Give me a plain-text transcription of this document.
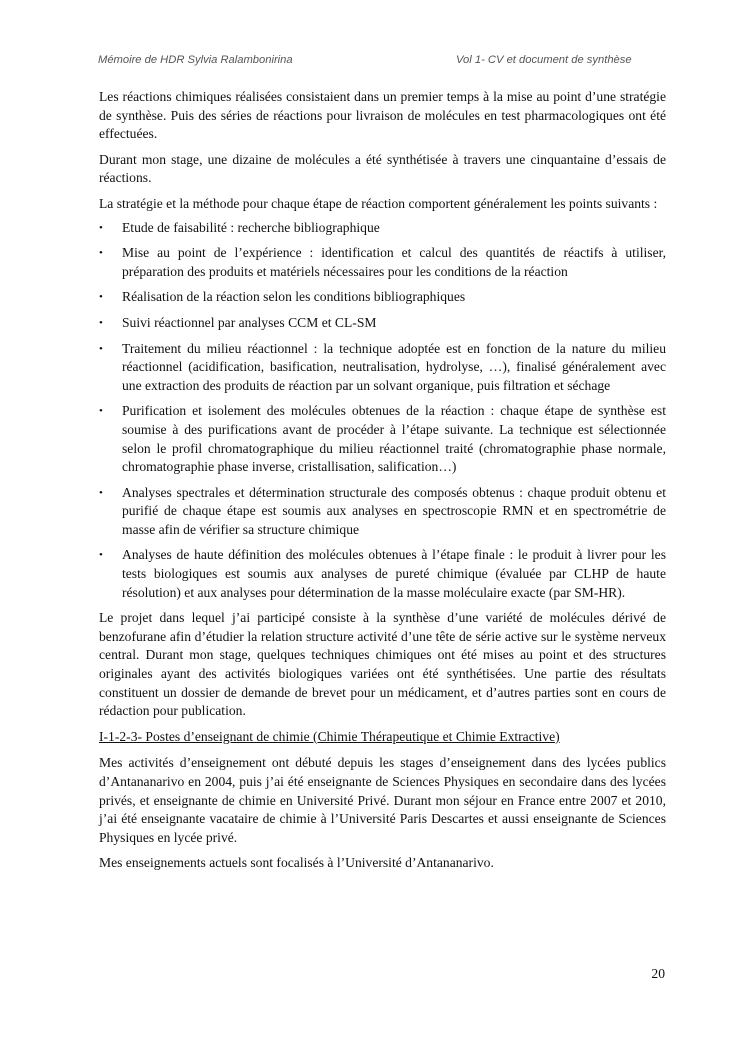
Mémoire de HDR Sylvia Ralambonirina	Vol 1- CV et document de synthèse

Les réactions chimiques réalisées consistaient dans un premier temps à la mise au point d’une stratégie de synthèse. Puis des séries de réactions pour livraison de molécules en test pharmacologiques ont été effectuées.

Durant mon stage, une dizaine de molécules a été synthétisée à travers une cinquantaine d’essais de réactions.

La stratégie et la méthode pour chaque étape de réaction comportent généralement les points suivants :

• Etude de faisabilité : recherche bibliographique
• Mise au point de l’expérience : identification et calcul des quantités de réactifs à utiliser, préparation des produits et matériels nécessaires pour les conditions de la réaction
• Réalisation de la réaction selon les conditions bibliographiques
• Suivi réactionnel par analyses CCM et CL-SM
• Traitement du milieu réactionnel : la technique adoptée est en fonction de la nature du milieu réactionnel (acidification, basification, neutralisation, hydrolyse, …), finalisé généralement avec une extraction des produits de réaction par un solvant organique, puis filtration et séchage
• Purification et isolement des molécules obtenues de la réaction : chaque étape de synthèse est soumise à des purifications avant de procéder à l’étape suivante. La technique est sélectionnée selon le profil chromatographique du milieu réactionnel traité (chromatographie phase normale, chromatographie phase inverse, cristallisation, salification…)
• Analyses spectrales et détermination structurale des composés obtenus : chaque produit obtenu et purifié de chaque étape est soumis aux analyses en spectroscopie RMN et en spectrométrie de masse afin de vérifier sa structure chimique
• Analyses de haute définition des molécules obtenues à l’étape finale : le produit à livrer pour les tests biologiques est soumis aux analyses de pureté chimique (évaluée par CLHP de haute résolution) et aux analyses pour détermination de la masse moléculaire exacte (par SM-HR).

Le projet dans lequel j’ai participé consiste à la synthèse d’une variété de molécules dérivé de benzofurane afin d’étudier la relation structure activité d’une tête de série active sur le système nerveux central. Durant mon stage, quelques techniques chimiques ont été mises au point et des structures originales ayant des activités biologiques variées ont été synthétisées. Une partie des résultats constituent un dossier de demande de brevet pour un médicament, et d’autres parties sont en cours de rédaction pour publication.

I-1-2-3- Postes d’enseignant de chimie (Chimie Thérapeutique et Chimie Extractive)

Mes activités d’enseignement ont débuté depuis les stages d’enseignement dans des lycées publics d’Antananarivo en 2004, puis j’ai été enseignante de Sciences Physiques en secondaire dans des lycées privés, et enseignante de chimie en Université Privé. Durant mon séjour en France entre 2007 et 2010, j’ai été enseignante vacataire de chimie à l’Université Paris Descartes et aussi enseignante de Sciences Physiques en lycée privé.

Mes enseignements actuels sont focalisés à l’Université d’Antananarivo.

20
